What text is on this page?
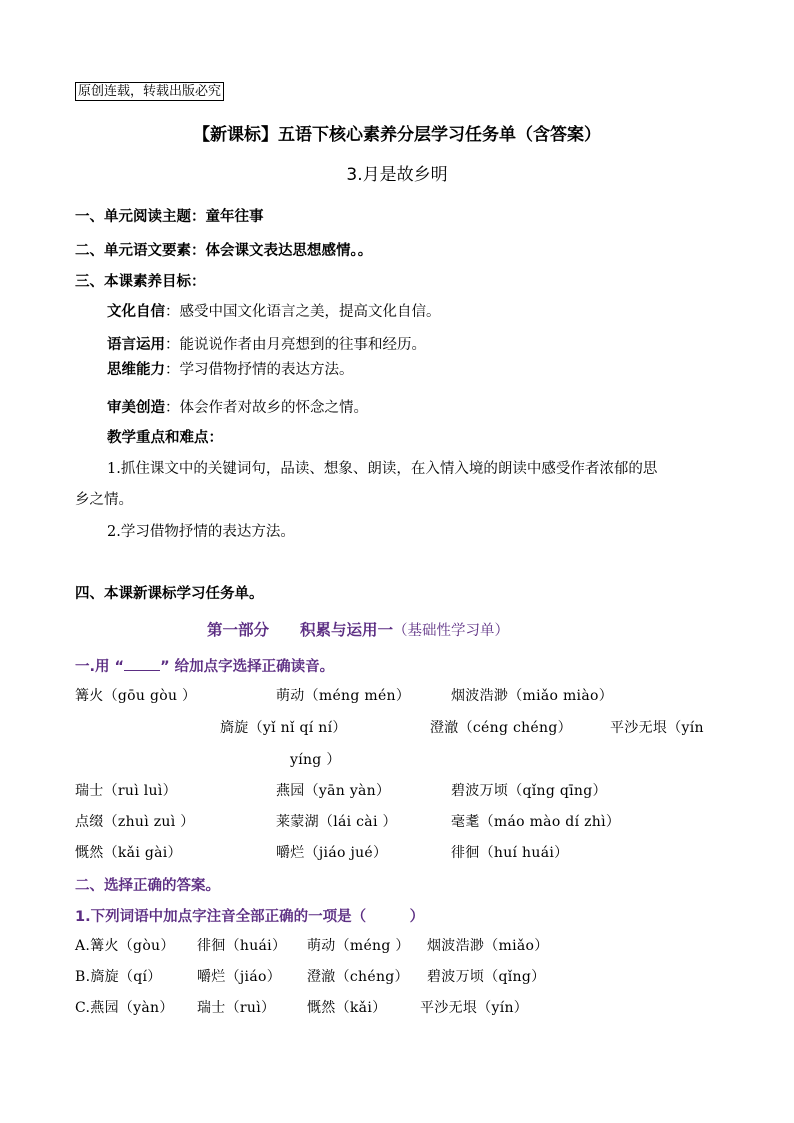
原创连载，转载出版必究
【新课标】五语下核心素养分层学习任务单（含答案）
3.月是故乡明
一、单元阅读主题：童年往事
二、单元语文要素：体会课文表达思想感情。。
三、本课素养目标：
文化自信：感受中国文化语言之美，提高文化自信。
语言运用：能说说作者由月亮想到的往事和经历。
思维能力：学习借物抒情的表达方法。
审美创造：体会作者对故乡的怀念之情。
教学重点和难点：
1.抓住课文中的关键词句，品读、想象、朗读，在入情入境的朗读中感受作者浓郁的思
乡之情。
2.学习借物抒情的表达方法。
四、本课新课标学习任务单。
第一部分　　积累与运用一（基础性学习单）
一.用 “ ” 给加点字选择正确读音。
篝火（gōu gòu ）	萌动（méng mén）	烟波浩渺（miǎo miào）
旖旋（yǐ nǐ qí ní）	澄澈（céng chéng）	平沙无垠（yín
yíng ）
瑞士（ruì luì）	燕园（yān yàn）	碧波万顷（qǐng qīng）
点缀（zhuì zuì ）	莱蒙湖（lái cài ）	毫耄（máo mào dí zhì）
慨然（kǎi gài）	嚼烂（jiáo jué）	徘徊（huí huái）
二、选择正确的答案。
1.下列词语中加点字注音全部正确的一项是（　　　）
A.篝火（gòu） 徘徊（huái） 萌动（méng ） 烟波浩渺（miǎo）
B.旖旋（qí）	嚼烂（jiáo） 澄澈（chéng） 碧波万顷（qǐng）
C.燕园（yàn） 瑞士（ruì） 慨然（kǎi） 平沙无垠（yín）
